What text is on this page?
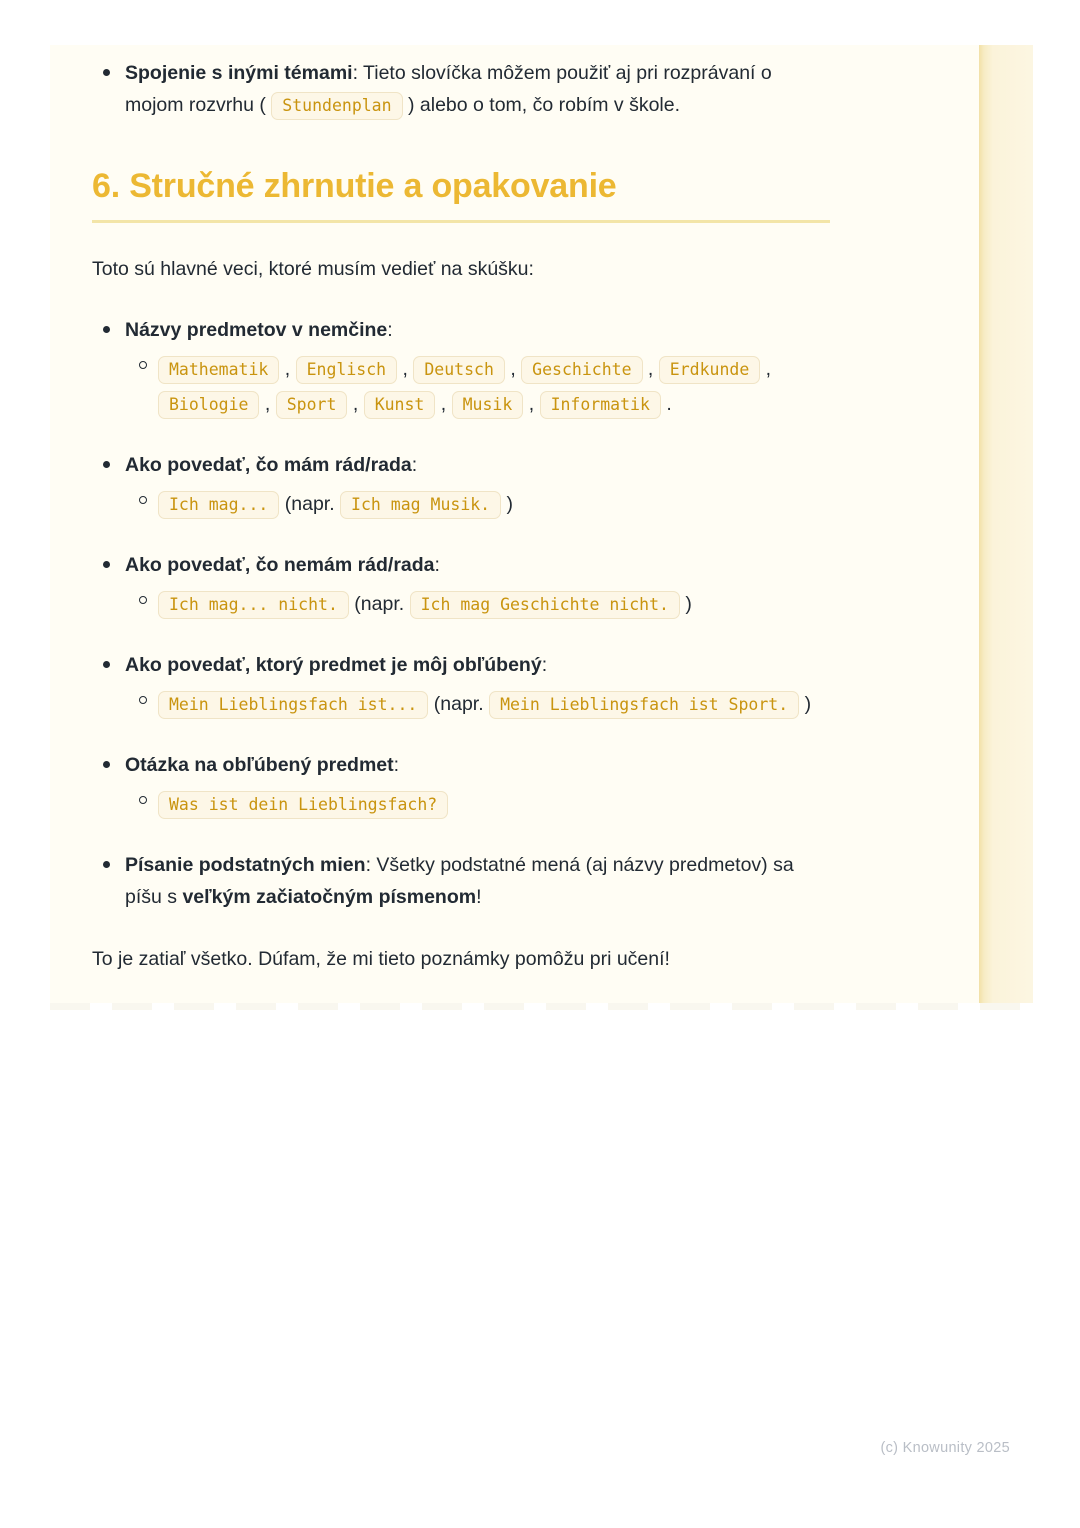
Spojenie s inými témami: Tieto slovíčka môžem použiť aj pri rozprávaní o mojom rozvrhu ( Stundenplan ) alebo o tom, čo robím v škole.
6. Stručné zhrnutie a opakovanie

Toto sú hlavné veci, ktoré musím vedieť na skúšku:

Názvy predmetov v nemčine:
Mathematik , Englisch , Deutsch , Geschichte , Erdkunde , Biologie , Sport , Kunst , Musik , Informatik .
Ako povedať, čo mám rád/rada:
Ich mag... (napr. Ich mag Musik. )
Ako povedať, čo nemám rád/rada:
Ich mag... nicht. (napr. Ich mag Geschichte nicht. )
Ako povedať, ktorý predmet je môj obľúbený:
Mein Lieblingsfach ist... (napr. Mein Lieblingsfach ist Sport. )
Otázka na obľúbený predmet:
Was ist dein Lieblingsfach?
Písanie podstatných mien: Všetky podstatné mená (aj názvy predmetov) sa píšu s veľkým začiatočným písmenom!

To je zatiaľ všetko. Dúfam, že mi tieto poznámky pomôžu pri učení!

(c) Knowunity 2025
